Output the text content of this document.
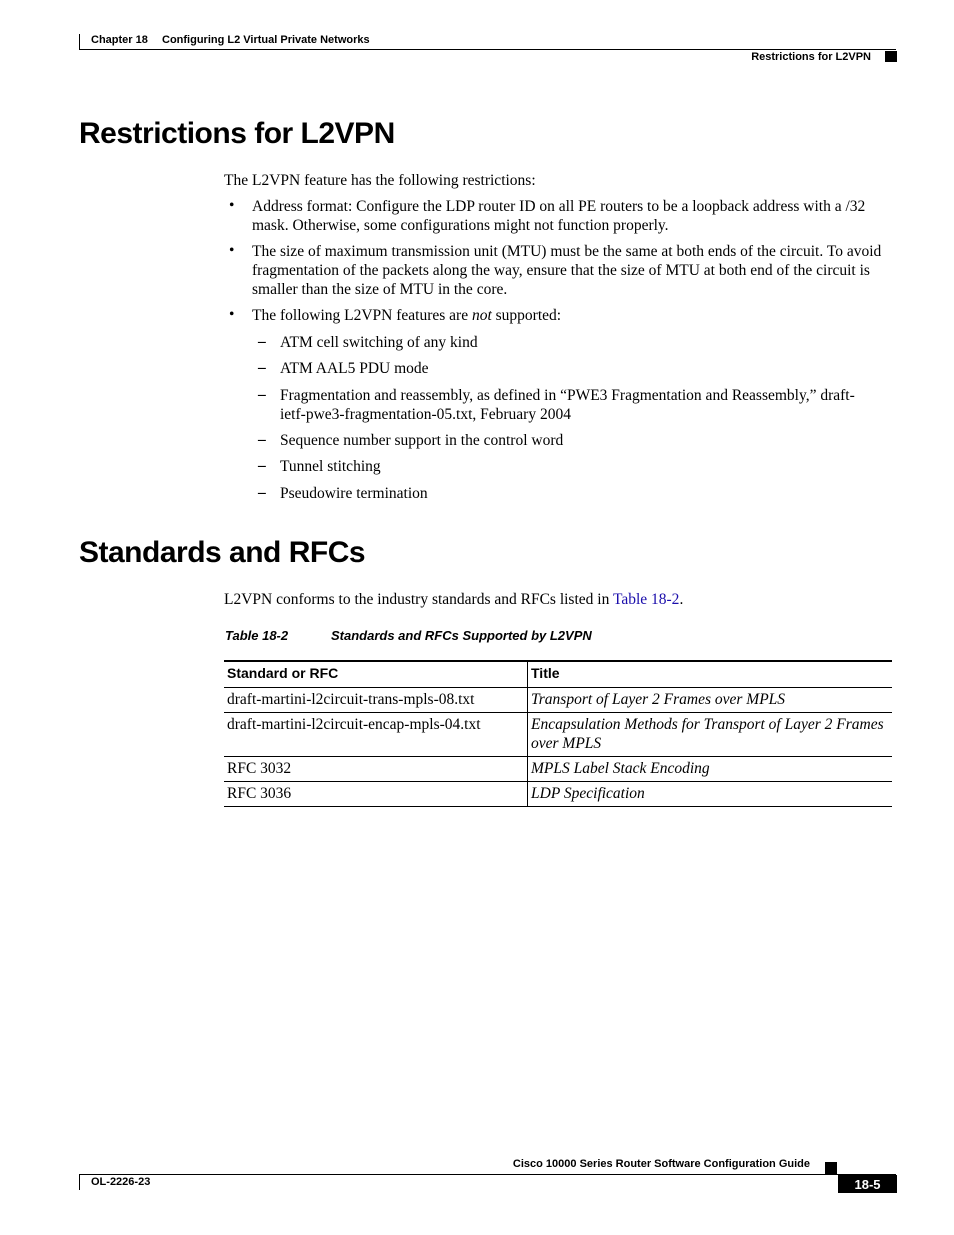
Chapter 18 Configuring L2 Virtual Private Networks
Restrictions for L2VPN
Restrictions for L2VPN
The L2VPN feature has the following restrictions:
• Address format: Configure the LDP router ID on all PE routers to be a loopback address with a /32 mask. Otherwise, some configurations might not function properly.
• The size of maximum transmission unit (MTU) must be the same at both ends of the circuit. To avoid fragmentation of the packets along the way, ensure that the size of MTU at both end of the circuit is smaller than the size of MTU in the core.
• The following L2VPN features are not supported:
– ATM cell switching of any kind
– ATM AAL5 PDU mode
– Fragmentation and reassembly, as defined in “PWE3 Fragmentation and Reassembly,” draft-ietf-pwe3-fragmentation-05.txt, February 2004
– Sequence number support in the control word
– Tunnel stitching
– Pseudowire termination
Standards and RFCs
L2VPN conforms to the industry standards and RFCs listed in Table 18-2.
Table 18-2	Standards and RFCs Supported by L2VPN
Standard or RFC	Title
draft-martini-l2circuit-trans-mpls-08.txt	Transport of Layer 2 Frames over MPLS
draft-martini-l2circuit-encap-mpls-04.txt	Encapsulation Methods for Transport of Layer 2 Frames over MPLS
RFC 3032	MPLS Label Stack Encoding
RFC 3036	LDP Specification
Cisco 10000 Series Router Software Configuration Guide
OL-2226-23	18-5
